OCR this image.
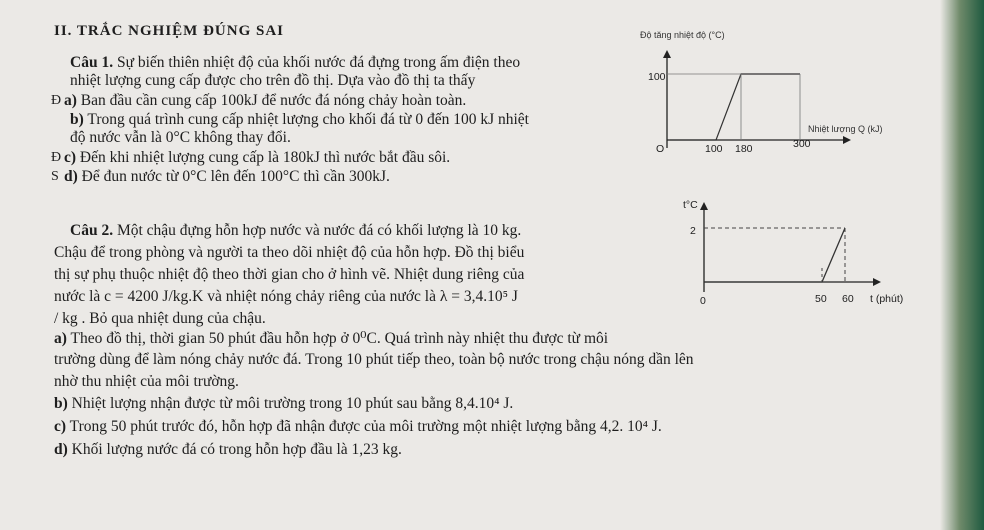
II. TRẮC NGHIỆM ĐÚNG SAI
Câu 1. Sự biến thiên nhiệt độ của khối nước đá đựng trong ấm điện theo
nhiệt lượng cung cấp được cho trên đồ thị. Dựa vào đồ thị ta thấy
Đ a) Ban đầu cần cung cấp 100kJ để nước đá nóng chảy hoàn toàn.
b) Trong quá trình cung cấp nhiệt lượng cho khối đá từ 0 đến 100 kJ nhiệt
độ nước vẫn là 0°C không thay đổi.
Đ c) Đến khi nhiệt lượng cung cấp là 180kJ thì nước bắt đầu sôi.
S d) Để đun nước từ 0°C lên đến 100°C thì cần 300kJ.
Độ tăng nhiệt độ (°C)
100
Nhiệt lượng Q (kJ)
O	100 180	300
Câu 2. Một chậu đựng hỗn hợp nước và nước đá có khối lượng là 10 kg.
Chậu để trong phòng và người ta theo dõi nhiệt độ của hỗn hợp. Đồ thị biểu
thị sự phụ thuộc nhiệt độ theo thời gian cho ở hình vẽ. Nhiệt dung riêng của
nước là c = 4200 J/kg.K và nhiệt nóng chảy riêng của nước là λ = 3,4.10⁵ J
/ kg . Bỏ qua nhiệt dung của chậu.
a) Theo đồ thị, thời gian 50 phút đầu hỗn hợp ở 0⁰C. Quá trình này nhiệt thu được từ môi
trường dùng để làm nóng chảy nước đá. Trong 10 phút tiếp theo, toàn bộ nước trong chậu nóng dần lên
nhờ thu nhiệt của môi trường.
b) Nhiệt lượng nhận được từ môi trường trong 10 phút sau bằng 8,4.10⁴ J.
c) Trong 50 phút trước đó, hỗn hợp đã nhận được của môi trường một nhiệt lượng bằng 4,2. 10⁴ J.
d) Khối lượng nước đá có trong hỗn hợp đầu là 1,23 kg.
t°C
2
0	50 60 t (phút)
